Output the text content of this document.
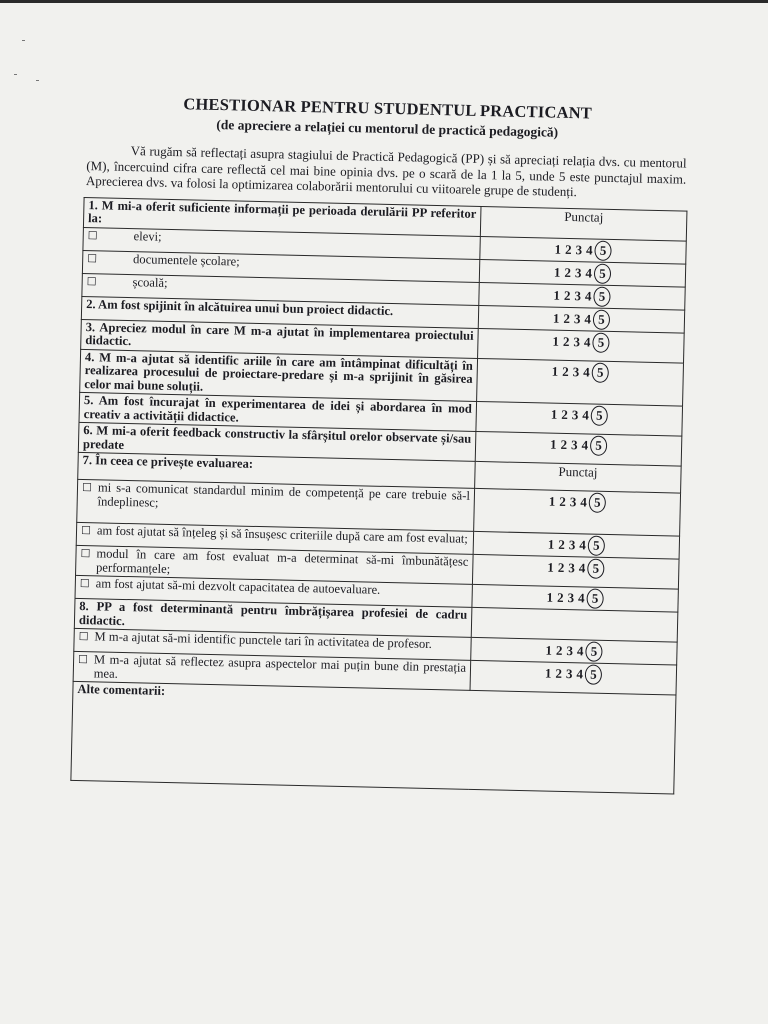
CHESTIONAR PENTRU STUDENTUL PRACTICANT
(de apreciere a relației cu mentorul de practică pedagogică)

Vă rugăm să reflectați asupra stagiului de Practică Pedagogică (PP) și să apreciați relația dvs. cu mentorul (M), încercuind cifra care reflectă cel mai bine opinia dvs. pe o scară de la 1 la 5, unde 5 este punctajul maxim. Aprecierea dvs. va folosi la optimizarea colaborării mentorului cu viitoarele grupe de studenți.

1. M mi-a oferit suficiente informații pe perioada derulării PP referitor la:	Punctaj

☐ elevi;	1234 5

☐ documentele școlare;	1234 5

☐ școală;	1234 5
2. Am fost spijinit în alcătuirea unui bun proiect didactic.	1234 5
3. Apreciez modul în care M m-a ajutat în implementarea proiectului didactic.	1234 5
4. M m-a ajutat să identific ariile în care am întâmpinat dificultăți în realizarea procesului de proiectare-predare și m-a sprijinit în găsirea celor mai bune soluții.	1234 5
5. Am fost încurajat în experimentarea de idei și abordarea în mod creativ a activității didactice.	1234 5
6. M mi-a oferit feedback constructiv la sfârșitul orelor observate și/sau predate	1234 5
7. În ceea ce privește evaluarea:	Punctaj

☐ mi s-a comunicat standardul minim de competență pe care trebuie să-l îndeplinesc;	1234 5

☐ am fost ajutat să înțeleg și să însușesc criteriile după care am fost evaluat;	1234 5

☐ modul în care am fost evaluat m-a determinat să-mi îmbunătățesc performanțele;	1234 5

☐ am fost ajutat să-mi dezvolt capacitatea de autoevaluare.	1234 5
8. PP a fost determinantă pentru îmbrățișarea profesiei de cadru didactic.	

☐ M m-a ajutat să-mi identific punctele tari în activitatea de profesor.	1234 5

☐ M m-a ajutat să reflectez asupra aspectelor mai puțin bune din prestația mea.	1234 5
Alte comentarii:	
